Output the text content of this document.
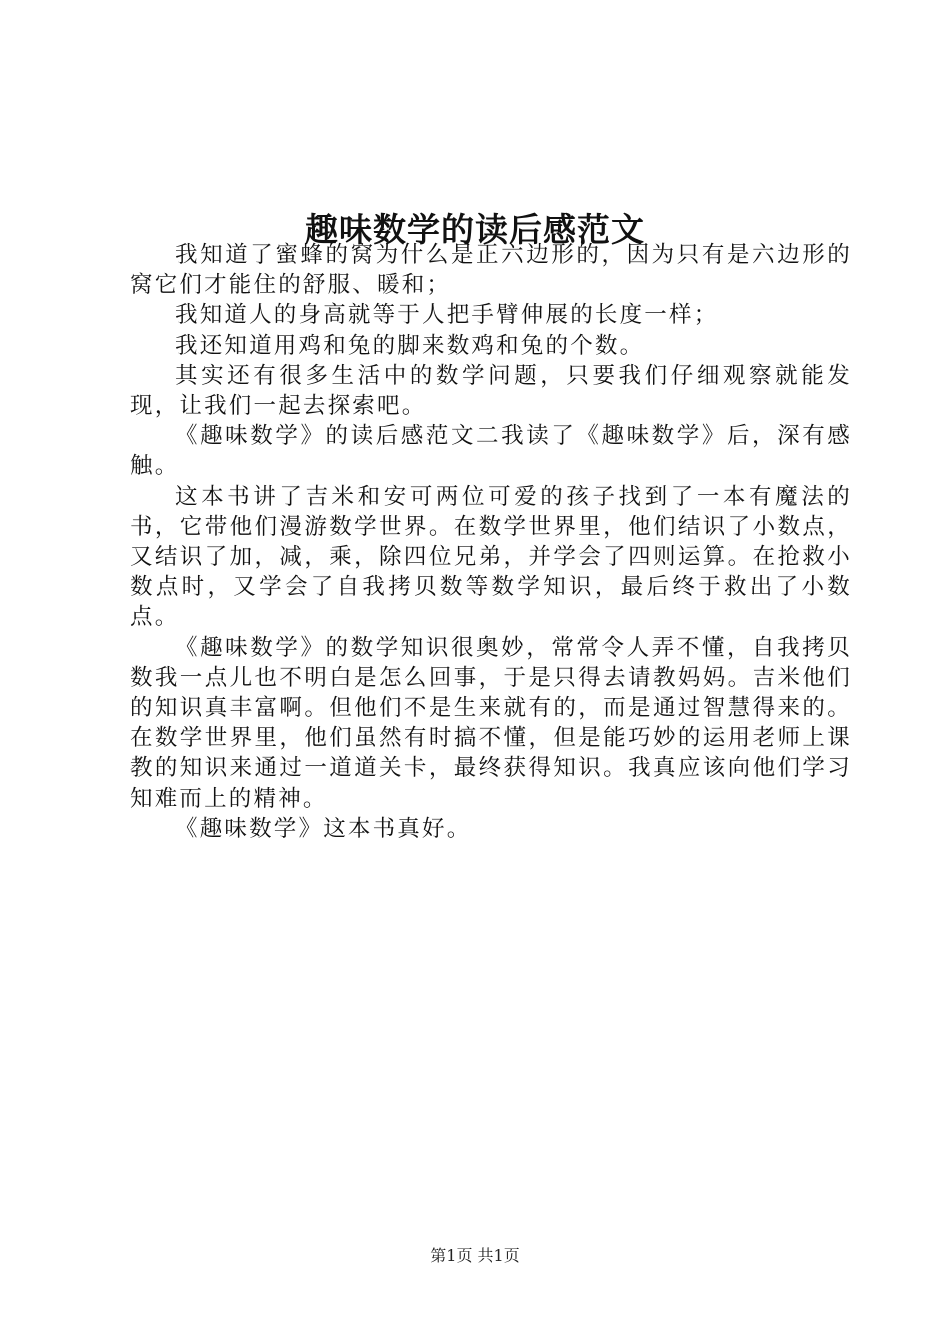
趣味数学的读后感范文

我知道了蜜蜂的窝为什么是正六边形的，因为只有是六边形的窝它们才能住的舒服、暖和；

我知道人的身高就等于人把手臂伸展的长度一样；

我还知道用鸡和兔的脚来数鸡和兔的个数。

其实还有很多生活中的数学问题，只要我们仔细观察就能发现，让我们一起去探索吧。

《趣味数学》的读后感范文二我读了《趣味数学》后，深有感触。

这本书讲了吉米和安可两位可爱的孩子找到了一本有魔法的书，它带他们漫游数学世界。在数学世界里，他们结识了小数点，又结识了加，减，乘，除四位兄弟，并学会了四则运算。在抢救小数点时，又学会了自我拷贝数等数学知识，最后终于救出了小数点。

《趣味数学》的数学知识很奥妙，常常令人弄不懂，自我拷贝数我一点儿也不明白是怎么回事，于是只得去请教妈妈。吉米他们的知识真丰富啊。但他们不是生来就有的，而是通过智慧得来的。在数学世界里，他们虽然有时搞不懂，但是能巧妙的运用老师上课教的知识来通过一道道关卡，最终获得知识。我真应该向他们学习知难而上的精神。

《趣味数学》这本书真好。

第1页 共1页
